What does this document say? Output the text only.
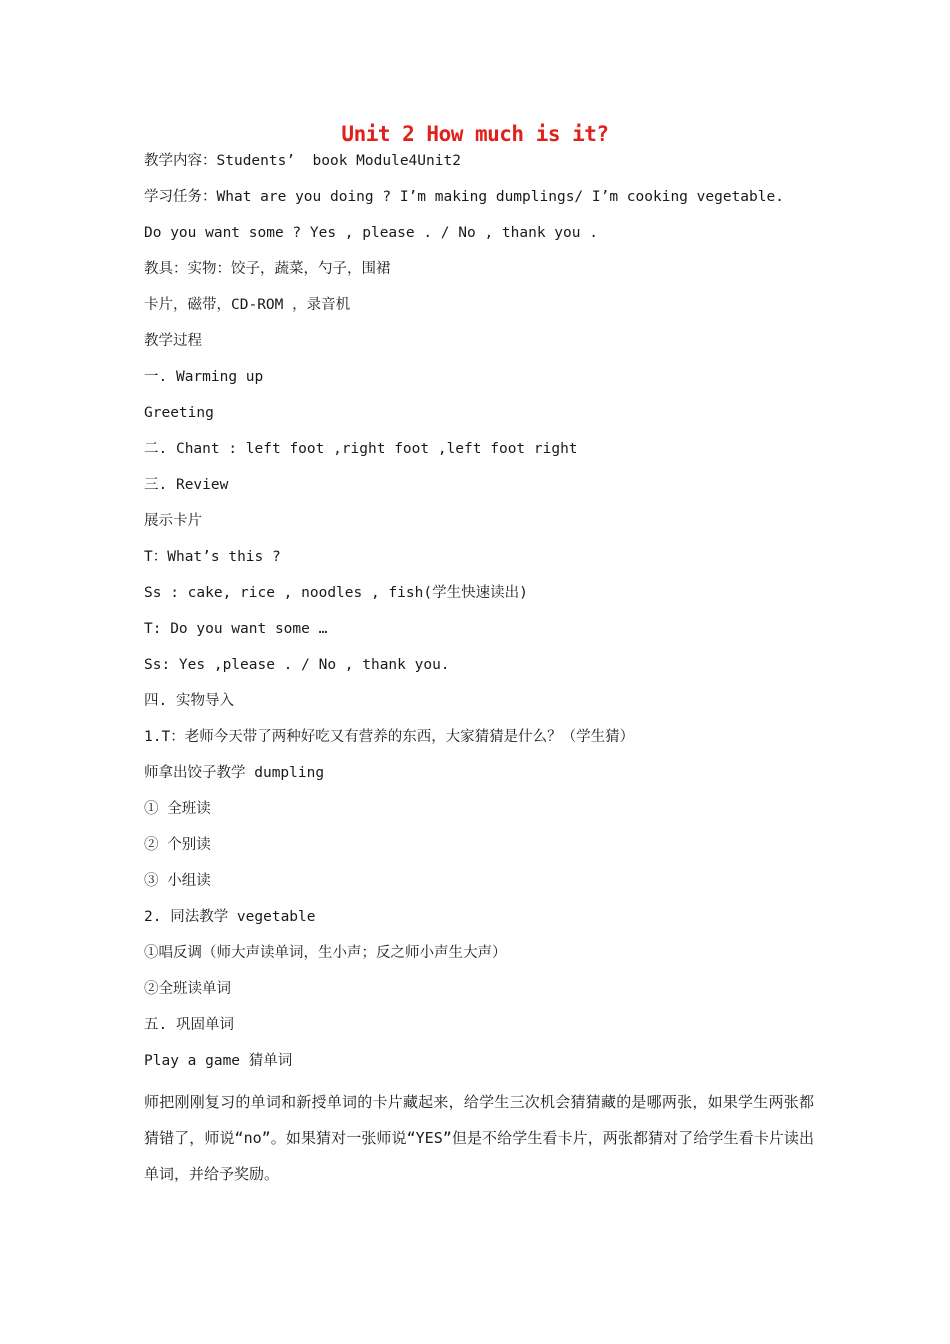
Unit 2 How much is it?
教学内容：Students’  book Module4Unit2
学习任务：What are you doing ? I’m making dumplings/ I’m cooking vegetable.
Do you want some ? Yes , please . / No , thank you .
教具：实物：饺子，蔬菜，勺子，围裙
卡片，磁带，CD-ROM ，录音机
教学过程
一. Warming up
Greeting
二. Chant : left foot ,right foot ,left foot right
三. Review
展示卡片
T：What’s this ?
Ss : cake, rice , noodles , fish(学生快速读出)
T: Do you want some …
Ss: Yes ,please . / No , thank you.
四. 实物导入
1.T：老师今天带了两种好吃又有营养的东西，大家猜猜是什么？（学生猜）
师拿出饺子教学 dumpling
① 全班读
② 个别读
③ 小组读
2. 同法教学 vegetable
①唱反调（师大声读单词，生小声；反之师小声生大声）
②全班读单词
五. 巩固单词
Play a game 猜单词
师把刚刚复习的单词和新授单词的卡片藏起来，给学生三次机会猜猜藏的是哪两张，如果学生两张都猜错了，师说“no”。如果猜对一张师说“YES”但是不给学生看卡片，两张都猜对了给学生看卡片读出单词，并给予奖励。
